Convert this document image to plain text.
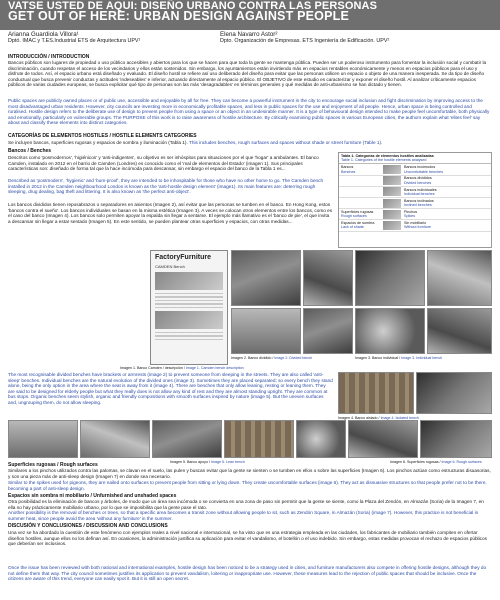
VATSE USTED DE AQUI: DISEÑO URBANO CONTRA LAS PERSONAS
GET OUT OF HERE: URBAN DESIGN AGAINST PEOPLE
Arianna Guardiola Villora¹
Dptó. IMAC y T.ES.Industrial ETS de Arquitectura UPV¹
Elena Navarro Astor²
Dpto. Organización de Empresas. ETS Ingeniería de Edificación. UPV²
INTRODUCCIÓN / INTRODUCTION
Bancos públicos son lugares de propiedad o uso público accesibles y abiertos para los que se hacen para que toda la gente se mantenga pública. Pueden ser un poderoso instrumento para fomentar la inclusión social y combatir la discriminación, cuando respetan el acceso de los vecindarios y ellos están sostenidos. Sin embargo, los ayuntamientos están invirtiendo más en espacios rentables económicamente y menos en espacios públicos para el uso y disfrute de todos. Así, el espacio urbano está diseñado y evaluado. El diseño hostil se refiere así uso deliberado del diseño para evitar que las personas utilicen un espacio o objeto de una manera inesperada. Se da tipo de diseño conductual que busca prevenir conductas y actitudes 'indeseables' e inferior, actuando directamente al espacio público. El OBJETIVO de este estudio es caracterizar y exponer el diseño hostil. Al analizar críticamente espacios públicos de varias ciudades europeas, se busca explicitar qué tipo de personas son las más 'desagradables' en términos generales y qué medidas de anti-urbanismo se han dictado y tienen.
Public spaces are publicly owned places or of public use, accessible and enjoyable by all for free. They can become a powerful instrument in the city to encourage social inclusion and fight discrimination by improving access to the most disadvantaged urban residents. However, city councils are investing more in economically profitable spaces, and less in public spaces for the use and enjoyment of all people. Hence, urban space is being controlled and ruralised. Hostile design refers to the deliberate use of design to prevent people from using a space or an object in an undesirable manner. It is a type of behavioural design intended to make people feel uncomfortable, both physically and emotionally, particularly on vulnerable groups. The PURPOSE of this work is to raise awareness of hostile architecture. By critically examining public spaces in various European cities, the authors explain what 'elites feel' say about and classify these elements into distinct categories.
CATEGORÍAS DE ELEMENTOS HOSTILES / HOSTILE ELEMENTS CATEGORIES
Se incluyen bancos, superficies rugosas y espacios de sombra y iluminación (Tabla 1). This includes benches, rough surfaces and spaces without shade or street furniture (Table 1).
Bancos / Benches
Descritos como 'posmodernos', 'higiénicos' y 'anti-indigentes', su objetivo es ser inhóspitos para situaciones por el que 'hogar' a ambulantes. El banco Camden, instalado en 2012 en el barrio de Camden (Londres) es conocido como el 'mal de elementos del Estado' (imagen 1). Sus principales características son: diseñado de forma tal que la hace incómoda para descansar, sin embargo el espacio del banco de la Tabla 1 es...
Described as 'postmodern', 'hygienic' and 'bum-proof', they are intended to be inhospitable for those who have no other home to go. The Camden bench installed in 2012 in the Camden neighbourhood London is known as the 'anti-hostile design element' (image1). Its main features are: deterring rough sleeping, drug dealing, bag theft and littering. It is also known as 'the perfect anti-object'.
Los bancos divididos tienen reposabrazos o separadores en asientos (Imagen 2), así evitar que las personas se tumben en el banco. En Hong Kong, estos 'bancos contra el sueño'. Los bancos individuales se basan en la misma estética (Imagen 3). A veces se colocan otros elementos entre los bancos, como es el caso del banco (Imagen 4). Los bancos solo permiten apoyar la espalda sin llegar a sentarse. El ejemplo más llamativo es el 'banco de pie', el que invita a descansar sin llegar a estar sentado (Imagen 5). En este sentido, se pueden plantear otras superficies y espacios, con otras medidas...
Tabla 1. Categorías de elementos hostiles analizadas
Table 1. Categories of the hostile elements analysed
Bancos
Benches
Bancos incómodos
Uncomfortable benches
Bancos divididos
Divided benches
Bancos individuales
Individual benches
Bancos inclinados
Inclined benches
Superficies rugosas
Rough surfaces
Pinchos
Spikes
Espacios de sombra
Lack of shade
Sin mobiliario
Without furniture
FactoryFurniture
CAMDEN Bench
Imagen 1. Banco Camden / descripción / Image 1. Camden bench description
Imagen 2. Banco dividido / Image 2. Divided bench	Imagen 3. Banco individual / Image 3. Individual bench
The most recognisable divided benches have brackets or armrests (image 2) to prevent someone from sleeping in the streets. They are also called 'anti-sleep' benches. Individual benches are the natural evolution of the divided ones (image 3). Sometimes they are placed separated; so every bench they stand alone, being the only option in the area where the seat is away from it (image 4). There are benches that only allow leaning, resting or leaning them. They are said to be designed for elderly people but what they really does is not allow any kind of rest and they are almost standing upright. They are common at bus stops. Organic benches seem stylish, organic and friendly compositions with smooth surfaces inspired by nature (image 5). But the uneven surfaces and, ungrouping them, do not allow sleeping.
Imagen 4. Banco aislado / Image 4. Isolated bench
Imagen 5. Banco apoyo / Image 5. Lean bench	Imagen 6. Superficies rugosas / Image 6. Rough surfaces
Superficies rugosas / Rough surfaces
Similares a los pinchos utilizados contra las palomas, se clavan en el suelo, las pulen y buscan evitar que la gente se sienten o se tumben en ellos o sobre las superficies (Imagen 6). Los pinchos actúan como estructuras disuasorias, y son una pieza más de anti-sleep design (Imagen 7) en donde sea necesario.
Similar to the spikes used for pigeons, they are nailed onto surfaces to prevent people from sitting or lying down. They create uncomfortable surfaces (image 6). They act as dissuasive structures so that people prefer not to be there, becoming a part of anti-sleep design.
Espacios sin sombra ni mobiliario / Unfurnished and unshaded spaces
Otra posibilidad es la eliminación de bancos y árboles, de modo que un área sea incómoda o se convierta en una zona de paso sin permitir que la gente se siente, como la Plaza del Zendón, en Almazán (Soria) de la Imagen 7, en ella no hay prácticamente mobiliario urbano, por lo que se imposibilita que la gente pase el rato.
Another possibility is the removal of benches or trees, so that a specific area becomes a transit zone without allowing people to sit, such as Zendón Square, in Almazán (Soria) (image 7). However, this practice is not beneficial in summer heat, since people avoid the area 'without any furniture' in the summer.
DISCUSIÓN Y CONCLUSIONES / DISCUSSION AND CONCLUSIONS
Una vez se ha abordado la cuestión de este fenómeno con ejemplos reales a nivel nacional e internacional, se ha visto que es una estrategia empleada en las ciudades, los fabricantes de mobiliario también compiten en ofertar diseños hostiles, aunque ellos no los definan así. En ocasiones, la administración justifica su aplicación para evitar el vandalismo, el botellón o el uso indebido. Sin embargo, estas medidas provocan el rechazo de espacios públicos que deberían ser inclusivos.
Once the issue has been reviewed with both national and international examples, hostile design has been noticed to be a strategy used in cities, and furniture manufacturers also compete in offering hostile designs, although they do not define them that way. The city council sometimes justifies its application to prevent vandalism, loitering or inappropriate use. However, these measures lead to the rejection of public spaces that should be inclusive. Once the citizens are aware of this trend, everyone can easily spot it. But it is still an open secret.
